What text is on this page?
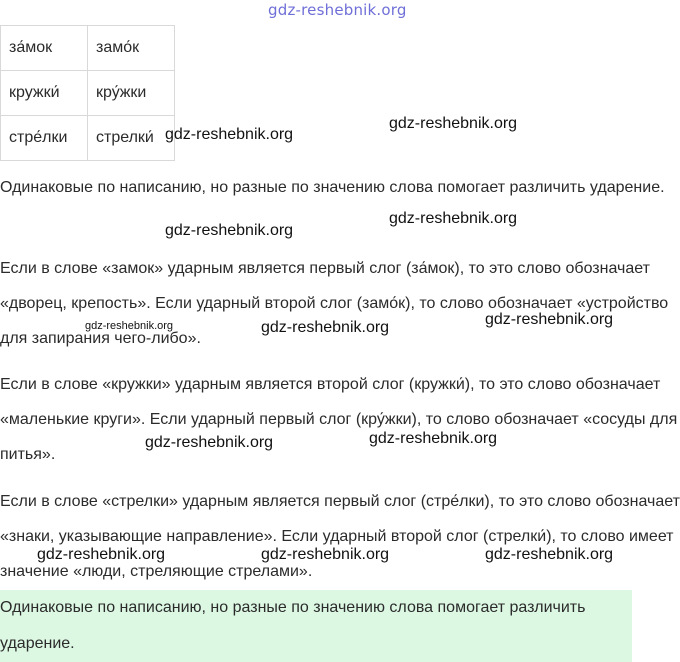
gdz-reshebnik.org
за́мок	замо́к
кружки́	кру́жки
стре́лки	стрелки́
Одинаковые по написанию, но разные по значению слова помогает различить ударение.
Если в слове «замок» ударным является первый слог (за́мок), то это слово обозначает «дворец, крепость». Если ударный второй слог (замо́к), то слово обозначает «устройство для запирания чего-либо».
Если в слове «кружки» ударным является второй слог (кружки́), то это слово обозначает «маленькие круги». Если ударный первый слог (кру́жки), то слово обозначает «сосуды для питья».
Если в слове «стрелки» ударным является первый слог (стре́лки), то это слово обозначает «знаки, указывающие направление». Если ударный второй слог (стрелки́), то слово имеет значение «люди, стреляющие стрелами».
Одинаковые по написанию, но разные по значению слова помогает различить ударение.
gdz-reshebnik.org
gdz-reshebnik.org
gdz-reshebnik.org
gdz-reshebnik.org
gdz-reshebnik.org	gdz-reshebnik.org	gdz-reshebnik.org
gdz-reshebnik.org	gdz-reshebnik.org
gdz-reshebnik.org	gdz-reshebnik.org	gdz-reshebnik.org
